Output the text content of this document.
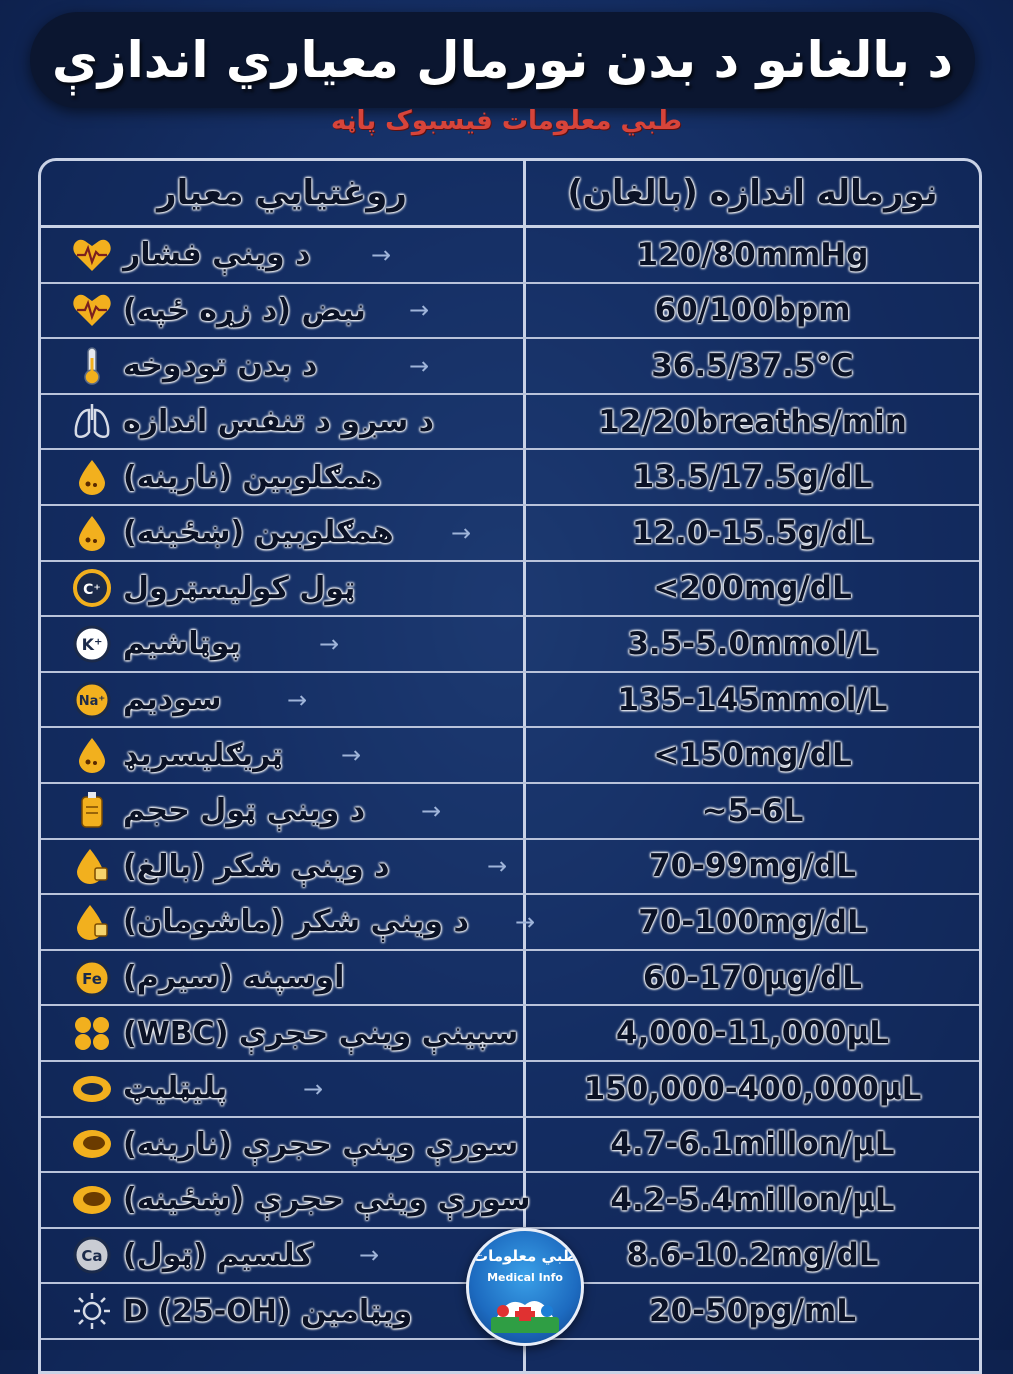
د بالغانو د بدن نورمال معياري اندازې
طبي معلومات فیسبوک پاڼه
روغتيايي معيار	نورماله اندازه (بالغان)
د وينې فشار	→	120/80mmHg
نبض (د زړه ځپه) →	60/100bpm
د بدن تودوخه	→	36.5/37.5°C
د سږو د تنفس اندازه	12/20breaths/min
همګلوبين (نارينه)	13.5/17.5g/dL
همګلوبين (ښځينه) →	12.0-15.5g/dL
C⁺ ټول کولیسټرول	<200mg/dL
K⁺ پوټاشيم	→	3.5-5.0mmol/L
Na⁺ سوديم	→	135-145mmol/L
ټريګليسريډ →	<150mg/dL
د وينې ټول حجم →	~5-6L
د وينې شکر (بالغ)	→	70-99mg/dL
د وينې شکر (ماشومان) →	70-100mg/dL
Fe اوسپنه (سيرم)	60-170µg/dL
سپينې وينې حجرې (WBC)	4,000-11,000µL
پليټليټ	→	150,000-400,000µL
سورې وينې حجرې (نارينه)	4.7-6.1millon/µL
سورې وينې حجرې (ښځينه)	4.2-5.4millon/µL
Ca کلسيم (ټول) →	8.6-10.2mg/dL
ويټامين D (25-OH)	20-50pg/mL
طبي معلومات
Medical Info
